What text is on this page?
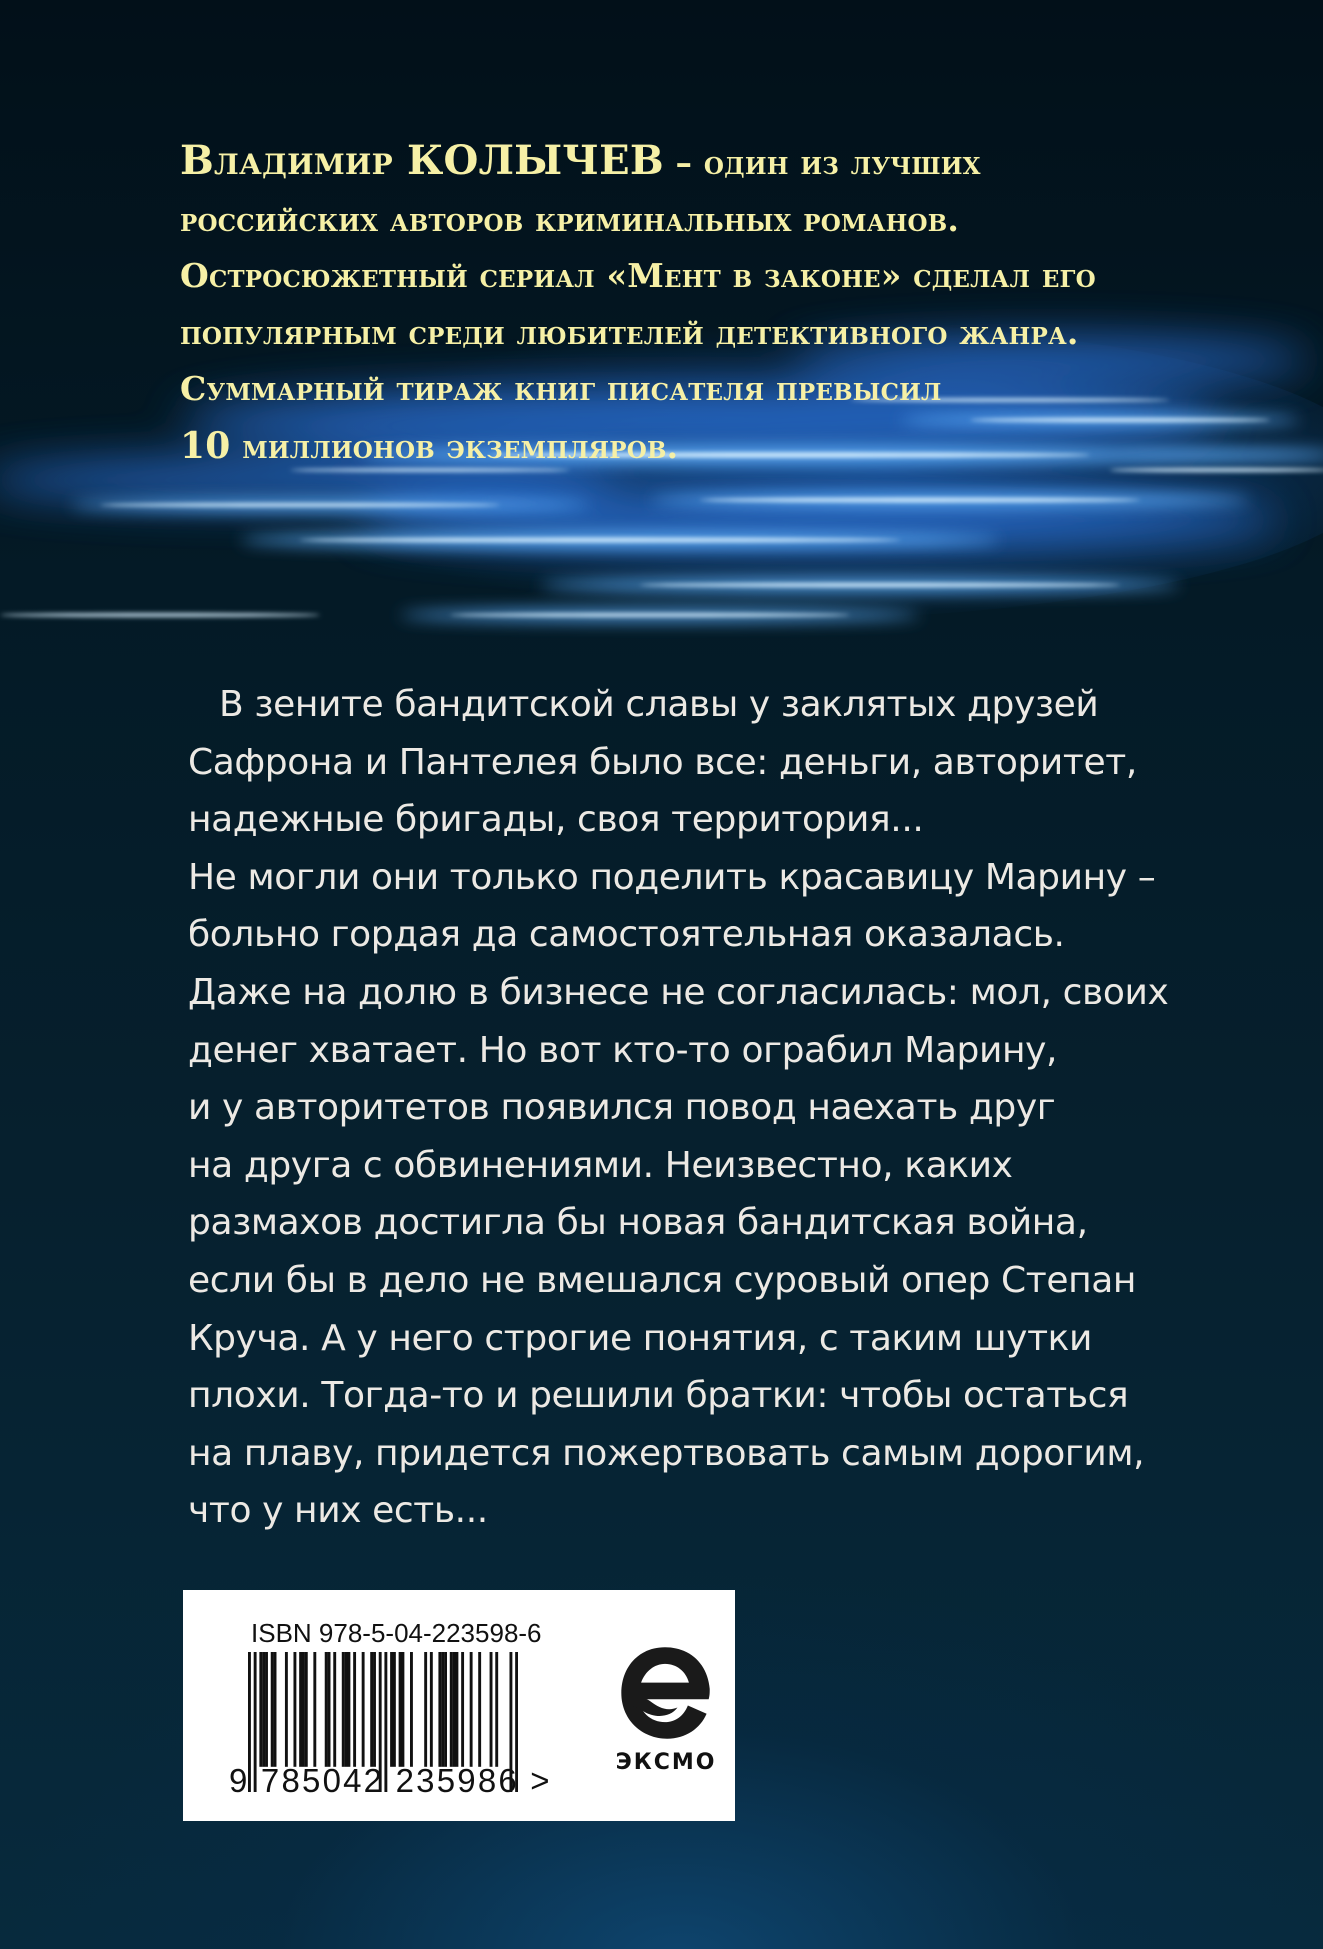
Владимир КОЛЫЧЕВ – один из лучших
российских авторов криминальных романов.
Остросюжетный сериал «Мент в законе» сделал его
популярным среди любителей детективного жанра.
Суммарный тираж книг писателя превысил
10 миллионов экземпляров.
В зените бандитской славы у заклятых друзей
Сафрона и Пантелея было все: деньги, авторитет,
надежные бригады, своя территория...
Не могли они только поделить красавицу Марину –
больно гордая да самостоятельная оказалась.
Даже на долю в бизнесе не согласилась: мол, своих
денег хватает. Но вот кто-то ограбил Марину,
и у авторитетов появился повод наехать друг
на друга с обвинениями. Неизвестно, каких
размахов достигла бы новая бандитская война,
если бы в дело не вмешался суровый опер Степан
Круча. А у него строгие понятия, с таким шутки
плохи. Тогда-то и решили братки: чтобы остаться
на плаву, придется пожертвовать самым дорогим,
что у них есть...
ISBN 978-5-04-223598-6
9 785042 235986 >	ЭКСМО
